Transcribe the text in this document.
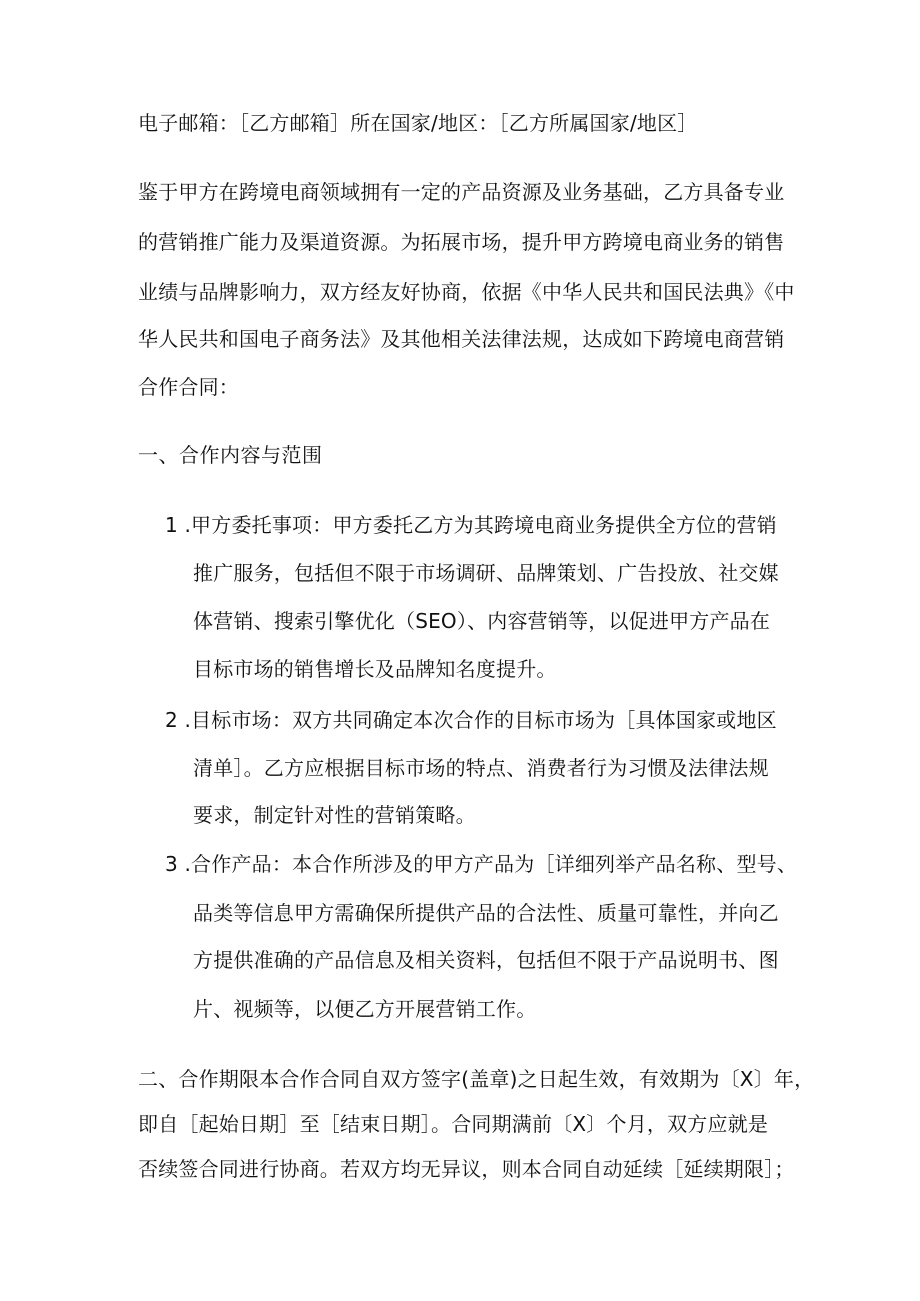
电子邮箱：［乙方邮箱］所在国家/地区：［乙方所属国家/地区］
鉴于甲方在跨境电商领域拥有一定的产品资源及业务基础，乙方具备专业
的营销推广能力及渠道资源。为拓展市场，提升甲方跨境电商业务的销售
业绩与品牌影响力，双方经友好协商，依据《中华人民共和国民法典》《中
华人民共和国电子商务法》及其他相关法律法规，达成如下跨境电商营销
合作合同：
一、合作内容与范围
1 .甲方委托事项：甲方委托乙方为其跨境电商业务提供全方位的营销
推广服务，包括但不限于市场调研、品牌策划、广告投放、社交媒
体营销、搜索引擎优化（SEO）、内容营销等，以促进甲方产品在
目标市场的销售增长及品牌知名度提升。
2 .目标市场：双方共同确定本次合作的目标市场为［具体国家或地区
清单］。乙方应根据目标市场的特点、消费者行为习惯及法律法规
要求，制定针对性的营销策略。
3 .合作产品：本合作所涉及的甲方产品为［详细列举产品名称、型号、
品类等信息甲方需确保所提供产品的合法性、质量可靠性，并向乙
方提供准确的产品信息及相关资料，包括但不限于产品说明书、图
片、视频等，以便乙方开展营销工作。
二、合作期限本合作合同自双方签字(盖章)之日起生效，有效期为〔X〕年，
即自［起始日期］至［结束日期］。合同期满前〔X〕个月，双方应就是
否续签合同进行协商。若双方均无异议，则本合同自动延续［延续期限］；
